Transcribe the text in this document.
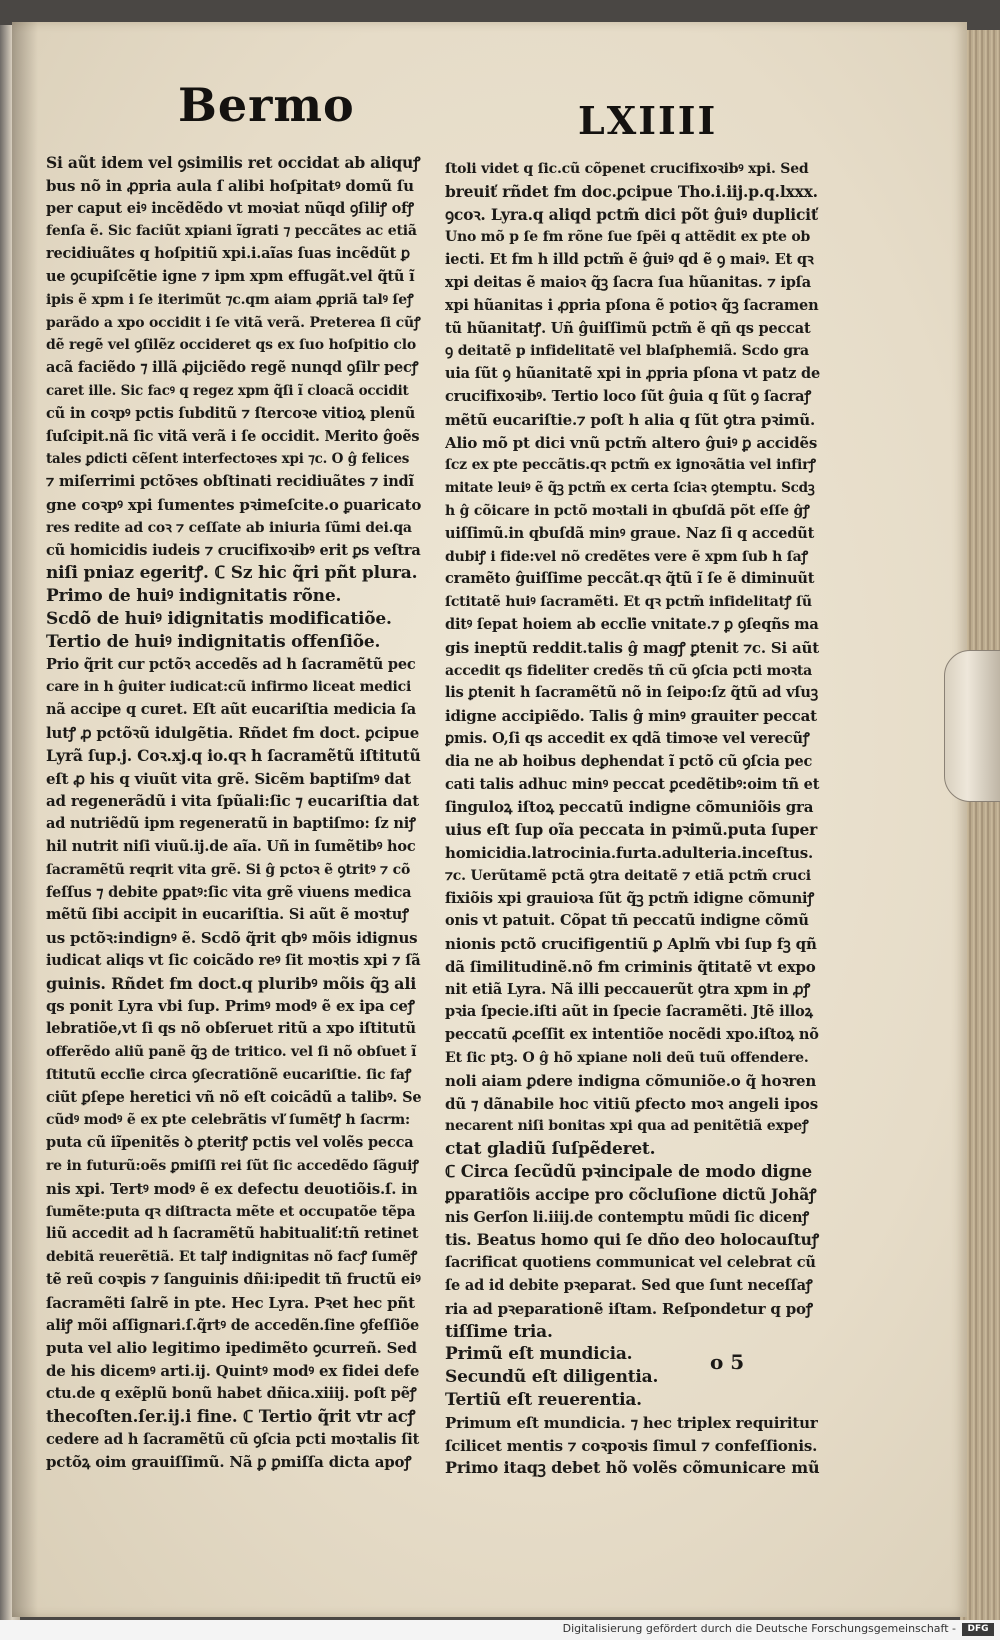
Bermo	LXIIII
Si aũt idem vel ꝯsimilis ret occidat ab aliquꝭ
bus nõ in ꝓpria aula ſ alibi hoſpitatꝰ domũ ſu
per caput eiꝰ incẽdẽdo vt moꝛiat nũqd ꝯſiliꝭ ofꝭ
fenſa ẽ. Sic faciũt xpiani ĩgrati ⁊ peccãtes ac etiã
recidiuãtes q hoſpitiũ xpi.i.aĩas ſuas incẽdũt ꝑ
ue ꝯcupiſcẽtie igne ⁊ ipm xpm effugãt.vel q̃tũ ĩ
ipis ẽ xpm i ſe iterimũt ⁊c.qm aiam ꝓpriã talꝰ ſeꝭ
parãdo a xpo occidit i ſe vitã verã. Preterea ſi cũꝭ
dẽ regẽ vel ꝯſilẽz occideret qs ex ſuo hoſpitio clo
acã faciẽdo ⁊ illã ꝓijciẽdo regẽ nunqd ꝯſilr pecꝭ
caret ille. Sic facꝰ q regez xpm q̃ſi ĩ cloacã occidit
cũ in coꝛpꝰ pctis ſubditũ ⁊ ſtercoꝛe vitioꝝ plenũ
ſuſcipit.nã ſic vitã verã i ſe occidit. Merito ĝoẽs
tales ꝑdicti cẽſent interfectoꝛes xpi ⁊c. O ĝ felices
⁊ miſerrimi pctõꝛes obſtinati recidiuãtes ⁊ indĩ
gne coꝛpꝰ xpi ſumentes pꝛimeſcite.o ꝑuaricato
res redite ad coꝛ ⁊ ceſſate ab iniuria ſũmi dei.qa
cũ homicidis iudeis ⁊ crucifixoꝛibꝰ erit ꝑs veſtra
niſi pniaz egeritꝭ. ℂ Sz hic q̃ri pñt plura.
Primo de huiꝰ indignitatis rõne.
Scdõ de huiꝰ idignitatis modificatiõe.
Tertio de huiꝰ indignitatis offenſiõe.
Prio q̃rit cur pctõꝛ accedẽs ad h ſacramẽtũ pec
care in h ĝuiter iudicat:cũ infirmo liceat medici
nã accipe q curet. Eſt aũt eucariſtia medicia ſa
lutꝭ ꝓ pctõꝛũ idulgẽtia. Rñdet fm doct. ꝑcipue
Lyrã ſup.j. Coꝛ.xj.q io.qꝛ h ſacramẽtũ iſtitutũ
eſt ꝓ his q viuũt vita grẽ. Sicẽm baptiſmꝰ dat
ad regenerãdũ i vita ſpũali:ſic ⁊ eucariſtia dat
ad nutriẽdũ ipm regeneratũ in baptiſmo: ſz niꝭ
hil nutrit niſi viuũ.ij.de aĩa. Uñ in ſumẽtibꝰ hoc
ſacramẽtũ reqrit vita grẽ. Si ĝ pctoꝛ ẽ ꝯtritꝰ ⁊ cõ
feſſus ⁊ debite ꝑpatꝰ:ſic vita grẽ viuens medica
mẽtũ ſibi accipit in eucariſtia. Si aũt ẽ moꝛtuꝭ
us pctõꝛ:indignꝰ ẽ. Scdõ q̃rit qbꝰ mõis idignus
iudicat aliqs vt ſic coicãdo reꝰ ſit moꝛtis xpi ⁊ ſã
guinis. Rñdet fm doct.q pluribꝰ mõis q̃ꝫ ali
qs ponit Lyra vbi ſup. Primꝰ modꝰ ẽ ex ipa ceꝭ
lebratiõe,vt ſi qs nõ obſeruet ritũ a xpo iſtitutũ
offerẽdo aliũ panẽ q̃ꝫ de tritico. vel ſi nõ obſuet ĩ
ſtitutũ eccľie circa ꝯſecratiõnẽ eucariſtie. ſic faꝭ
ciũt ꝑſepe heretici vñ nõ eſt coicãdũ a talibꝰ. Se
cũdꝰ modꝰ ẽ ex pte celebrãtis vľ ſumẽtꝭ h ſacrm:
puta cũ iĩpenitẽs ꝺ ꝑteritꝭ pctis vel volẽs pecca
re in futurũ:oẽs ꝑmiſſi rei ſũt ſic accedẽdo ſãguiꝭ
nis xpi. Tertꝰ modꝰ ẽ ex defectu deuotiõis.ſ. in
ſumẽte:puta qꝛ diſtracta mẽte et occupatõe tẽpa
liũ accedit ad h ſacramẽtũ habitualiť:tñ retinet
debitã reuerẽtiã. Et talꝭ indignitas nõ facꝭ ſumẽꝭ
tẽ reũ coꝛpis ⁊ ſanguinis dñi:ipedit tñ fructũ eiꝰ
ſacramẽti ſalrẽ in pte. Hec Lyra. Pꝛet hec pñt
aliꝭ mõi aſſignari.ſ.q̃rtꝰ de accedẽn.ſine ꝯfeſſiõe
puta vel alio legitimo ipedimẽto ꝯcurreñ. Sed
de his dicemꝰ arti.ij. Quintꝰ modꝰ ex fidei defe
ctu.de q exẽplũ bonũ habet dñica.xiiij. poſt pẽꝭ
thecoſten.ſer.ij.i fine. ℂ Tertio q̃rit vtr acꝭ
cedere ad h ſacramẽtũ cũ ꝯſcia pcti moꝛtalis ſit
pctõꝝ oim grauiſſimũ. Nã ꝑ ꝑmiſſa dicta apoꝭ
ſtoli videt q ſic.cũ cõpenet crucifixoꝛibꝰ xpi. Sed
breuiť rñdet fm doc.ꝑcipue Tho.i.iij.p.q.lxxx.
ꝯcoꝛ. Lyra.q aliqd pctm̃ dici põt ĝuiꝰ dupliciť
Uno mõ p ſe fm rõne ſue ſpẽi q attẽdit ex pte ob
iecti. Et fm h illd pctm̃ ẽ ĝuiꝰ qd ẽ ꝯ maiꝰ. Et qꝛ
xpi deitas ẽ maioꝛ q̃ꝫ ſacra ſua hũanitas. ⁊ ipſa
xpi hũanitas i ꝓpria pſona ẽ potioꝛ q̃ꝫ ſacramen
tũ hũanitatꝭ. Uñ ĝuiſſimũ pctm̃ ẽ qñ qs peccat
ꝯ deitatẽ p infidelitatẽ vel blaſphemiã. Scdo gra
uia ſũt ꝯ hũanitatẽ xpi in ꝓpria pſona vt patz de
crucifixoꝛibꝰ. Tertio loco ſũt ĝuia q ſũt ꝯ ſacraꝭ
mẽtũ eucariſtie.⁊ poſt h alia q ſũt ꝯtra pꝛimũ.
Alio mõ pt dici vnũ pctm̃ altero ĝuiꝰ ꝑ accidẽs
ſcz ex pte peccãtis.qꝛ pctm̃ ex ignoꝛãtia vel infirꝭ
mitate leuiꝰ ẽ q̃ꝫ pctm̃ ex certa ſciaꝛ ꝯtemptu. Scdꝫ
h ĝ cõicare in pctõ moꝛtali in qbuſdã põt eſſe ĝꝭ
uiſſimũ.in qbuſdã minꝰ graue. Naz ſi q accedũt
dubiꝭ i fide:vel nõ credẽtes vere ẽ xpm ſub h ſaꝭ
cramẽto ĝuiſſime peccãt.qꝛ q̃tũ ĩ ſe ẽ diminuũt
ſctitatẽ huiꝰ ſacramẽti. Et qꝛ pctm̃ infidelitatꝭ ſũ
ditꝰ ſepat hoiem ab eccľie vnitate.⁊ ꝑ ꝯſeqñs ma
gis ineptũ reddit.talis ĝ magꝭ ꝑtenit ⁊c. Si aũt
accedit qs fideliter credẽs tñ cũ ꝯſcia pcti moꝛta
lis ꝑtenit h ſacramẽtũ nõ in ſeipo:ſz q̃tũ ad vſuꝫ
idigne accipiẽdo. Talis ĝ minꝰ grauiter peccat
ꝑmis. O,ſi qs accedit ex qdã timoꝛe vel verecũꝭ
dia ne ab hoibus deꝑhendat ĩ pctõ cũ ꝯſcia pec
cati talis adhuc minꝰ peccat ꝑcedẽtibꝰ:oim tñ et
ſinguloꝝ iſtoꝝ peccatũ indigne cõmuniõis gra
uius eſt ſup oĩa peccata in pꝛimũ.puta ſuper
homicidia.latrocinia.furta.adulteria.inceſtus.
⁊c. Uerũtamẽ pctã ꝯtra deitatẽ ⁊ etiã pctm̃ cruci
fixiõis xpi grauioꝛa ſũt q̃ꝫ pctm̃ idigne cõmuniꝭ
onis vt patuit. Cõpat tñ peccatũ indigne cõmũ
nionis pctõ crucifigentiũ ꝑ Aplm̃ vbi ſup fꝫ qñ
dã ſimilitudinẽ.nõ fm criminis q̃titatẽ vt expo
nit etiã Lyra. Nã illi peccauerũt ꝯtra xpm in ꝓꝭ
pꝛia ſpecie.iſti aũt in ſpecie ſacramẽti. Jtẽ illoꝝ
peccatũ ꝓceſſit ex intentiõe nocẽdi xpo.iſtoꝝ nõ
Et ſic ptꝫ. O ĝ hõ xpiane noli deũ tuũ offendere.
noli aiam ꝑdere indigna cõmuniõe.o q̃ hoꝛren
dũ ⁊ dãnabile hoc vitiũ ꝑfecto moꝛ angeli ipos
necarent niſi bonitas xpi qua ad penitẽtiã expeꝭ
ctat gladiũ ſuſpẽderet.
ℂ Circa ſecũdũ pꝛincipale de modo digne
ꝑparatiõis accipe pro cõcluſione dictũ Johãꝭ
nis Gerſon li.iiij.de contemptu mũdi ſic dicenꝭ
tis. Beatus homo qui ſe dño deo holocauſtuꝭ
ſacrificat quotiens communicat vel celebrat cũ
ſe ad id debite pꝛeparat. Sed que ſunt neceſſaꝭ
ria ad pꝛeparationẽ iſtam. Reſpondetur q poꝭ
tiſſime tria.
Primũ eſt mundicia.
Secundũ eſt diligentia.
Tertiũ eſt reuerentia.
Primum eſt mundicia. ⁊ hec triplex requiritur
ſcilicet mentis ⁊ coꝛpoꝛis ſimul ⁊ confeſſionis.
Primo itaqꝫ debet hõ volẽs cõmunicare mũ
o 5
Digitalisierung gefördert durch die Deutsche Forschungsgemeinschaft -	DFG
